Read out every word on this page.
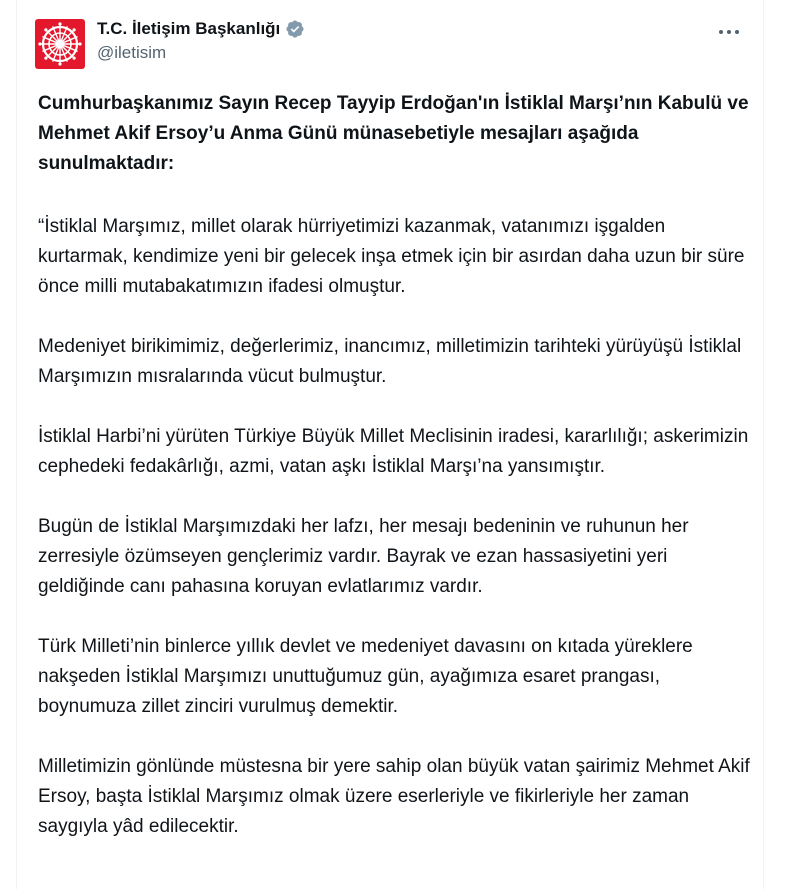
T.C. İletişim Başkanlığı
@iletisim

Cumhurbaşkanımız Sayın Recep Tayyip Erdoğan'ın İstiklal Marşı’nın Kabulü ve Mehmet Akif Ersoy’u Anma Günü münasebetiyle mesajları aşağıda sunulmaktadır:

“İstiklal Marşımız, millet olarak hürriyetimizi kazanmak, vatanımızı işgalden kurtarmak, kendimize yeni bir gelecek inşa etmek için bir asırdan daha uzun bir süre önce milli mutabakatımızın ifadesi olmuştur.

Medeniyet birikimimiz, değerlerimiz, inancımız, milletimizin tarihteki yürüyüşü İstiklal Marşımızın mısralarında vücut bulmuştur.

İstiklal Harbi’ni yürüten Türkiye Büyük Millet Meclisinin iradesi, kararlılığı; askerimizin cephedeki fedakârlığı, azmi, vatan aşkı İstiklal Marşı’na yansımıştır.

Bugün de İstiklal Marşımızdaki her lafzı, her mesajı bedeninin ve ruhunun her zerresiyle özümseyen gençlerimiz vardır. Bayrak ve ezan hassasiyetini yeri geldiğinde canı pahasına koruyan evlatlarımız vardır.

Türk Milleti’nin binlerce yıllık devlet ve medeniyet davasını on kıtada yüreklere nakşeden İstiklal Marşımızı unuttuğumuz gün, ayağımıza esaret prangası, boynumuza zillet zinciri vurulmuş demektir.

Milletimizin gönlünde müstesna bir yere sahip olan büyük vatan şairimiz Mehmet Akif Ersoy, başta İstiklal Marşımız olmak üzere eserleriyle ve fikirleriyle her zaman saygıyla yâd edilecektir.
